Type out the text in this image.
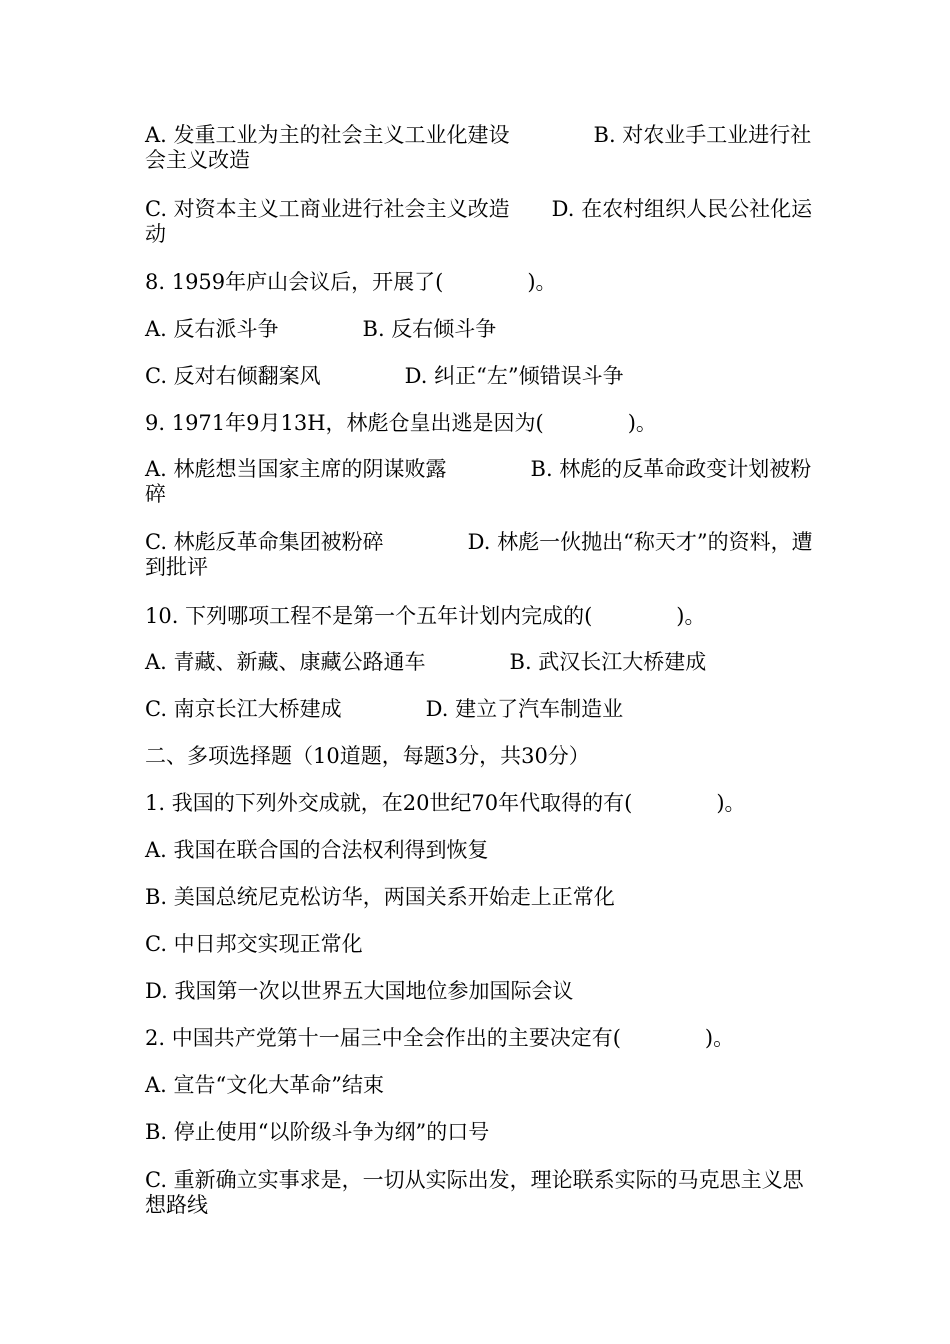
A. 发重工业为主的社会主义工业化建设　　　　B. 对农业手工业进行社会主义改造
C. 对资本主义工商业进行社会主义改造　　D. 在农村组织人民公社化运动
8. 1959年庐山会议后，开展了(　　　　)。
A. 反右派斗争　　　　B. 反右倾斗争
C. 反对右倾翻案风　　　　D. 纠正“左”倾错误斗争
9. 1971年9月13H，林彪仓皇出逃是因为(　　　　)。
A. 林彪想当国家主席的阴谋败露　　　　B. 林彪的反革命政变计划被粉碎
C. 林彪反革命集团被粉碎　　　　D. 林彪一伙抛出“称天才”的资料，遭到批评
10. 下列哪项工程不是第一个五年计划内完成的(　　　　)。
A. 青藏、新藏、康藏公路通车　　　　B. 武汉长江大桥建成
C. 南京长江大桥建成　　　　D. 建立了汽车制造业
二、多项选择题（10道题，每题3分，共30分）
1. 我国的下列外交成就，在20世纪70年代取得的有(　　　　)。
A. 我国在联合国的合法权利得到恢复
B. 美国总统尼克松访华，两国关系开始走上正常化
C. 中日邦交实现正常化
D. 我国第一次以世界五大国地位参加国际会议
2. 中国共产党第十一届三中全会作出的主要决定有(　　　　)。
A. 宣告“文化大革命”结束
B. 停止使用“以阶级斗争为纲”的口号
C. 重新确立实事求是，一切从实际出发，理论联系实际的马克思主义思想路线
